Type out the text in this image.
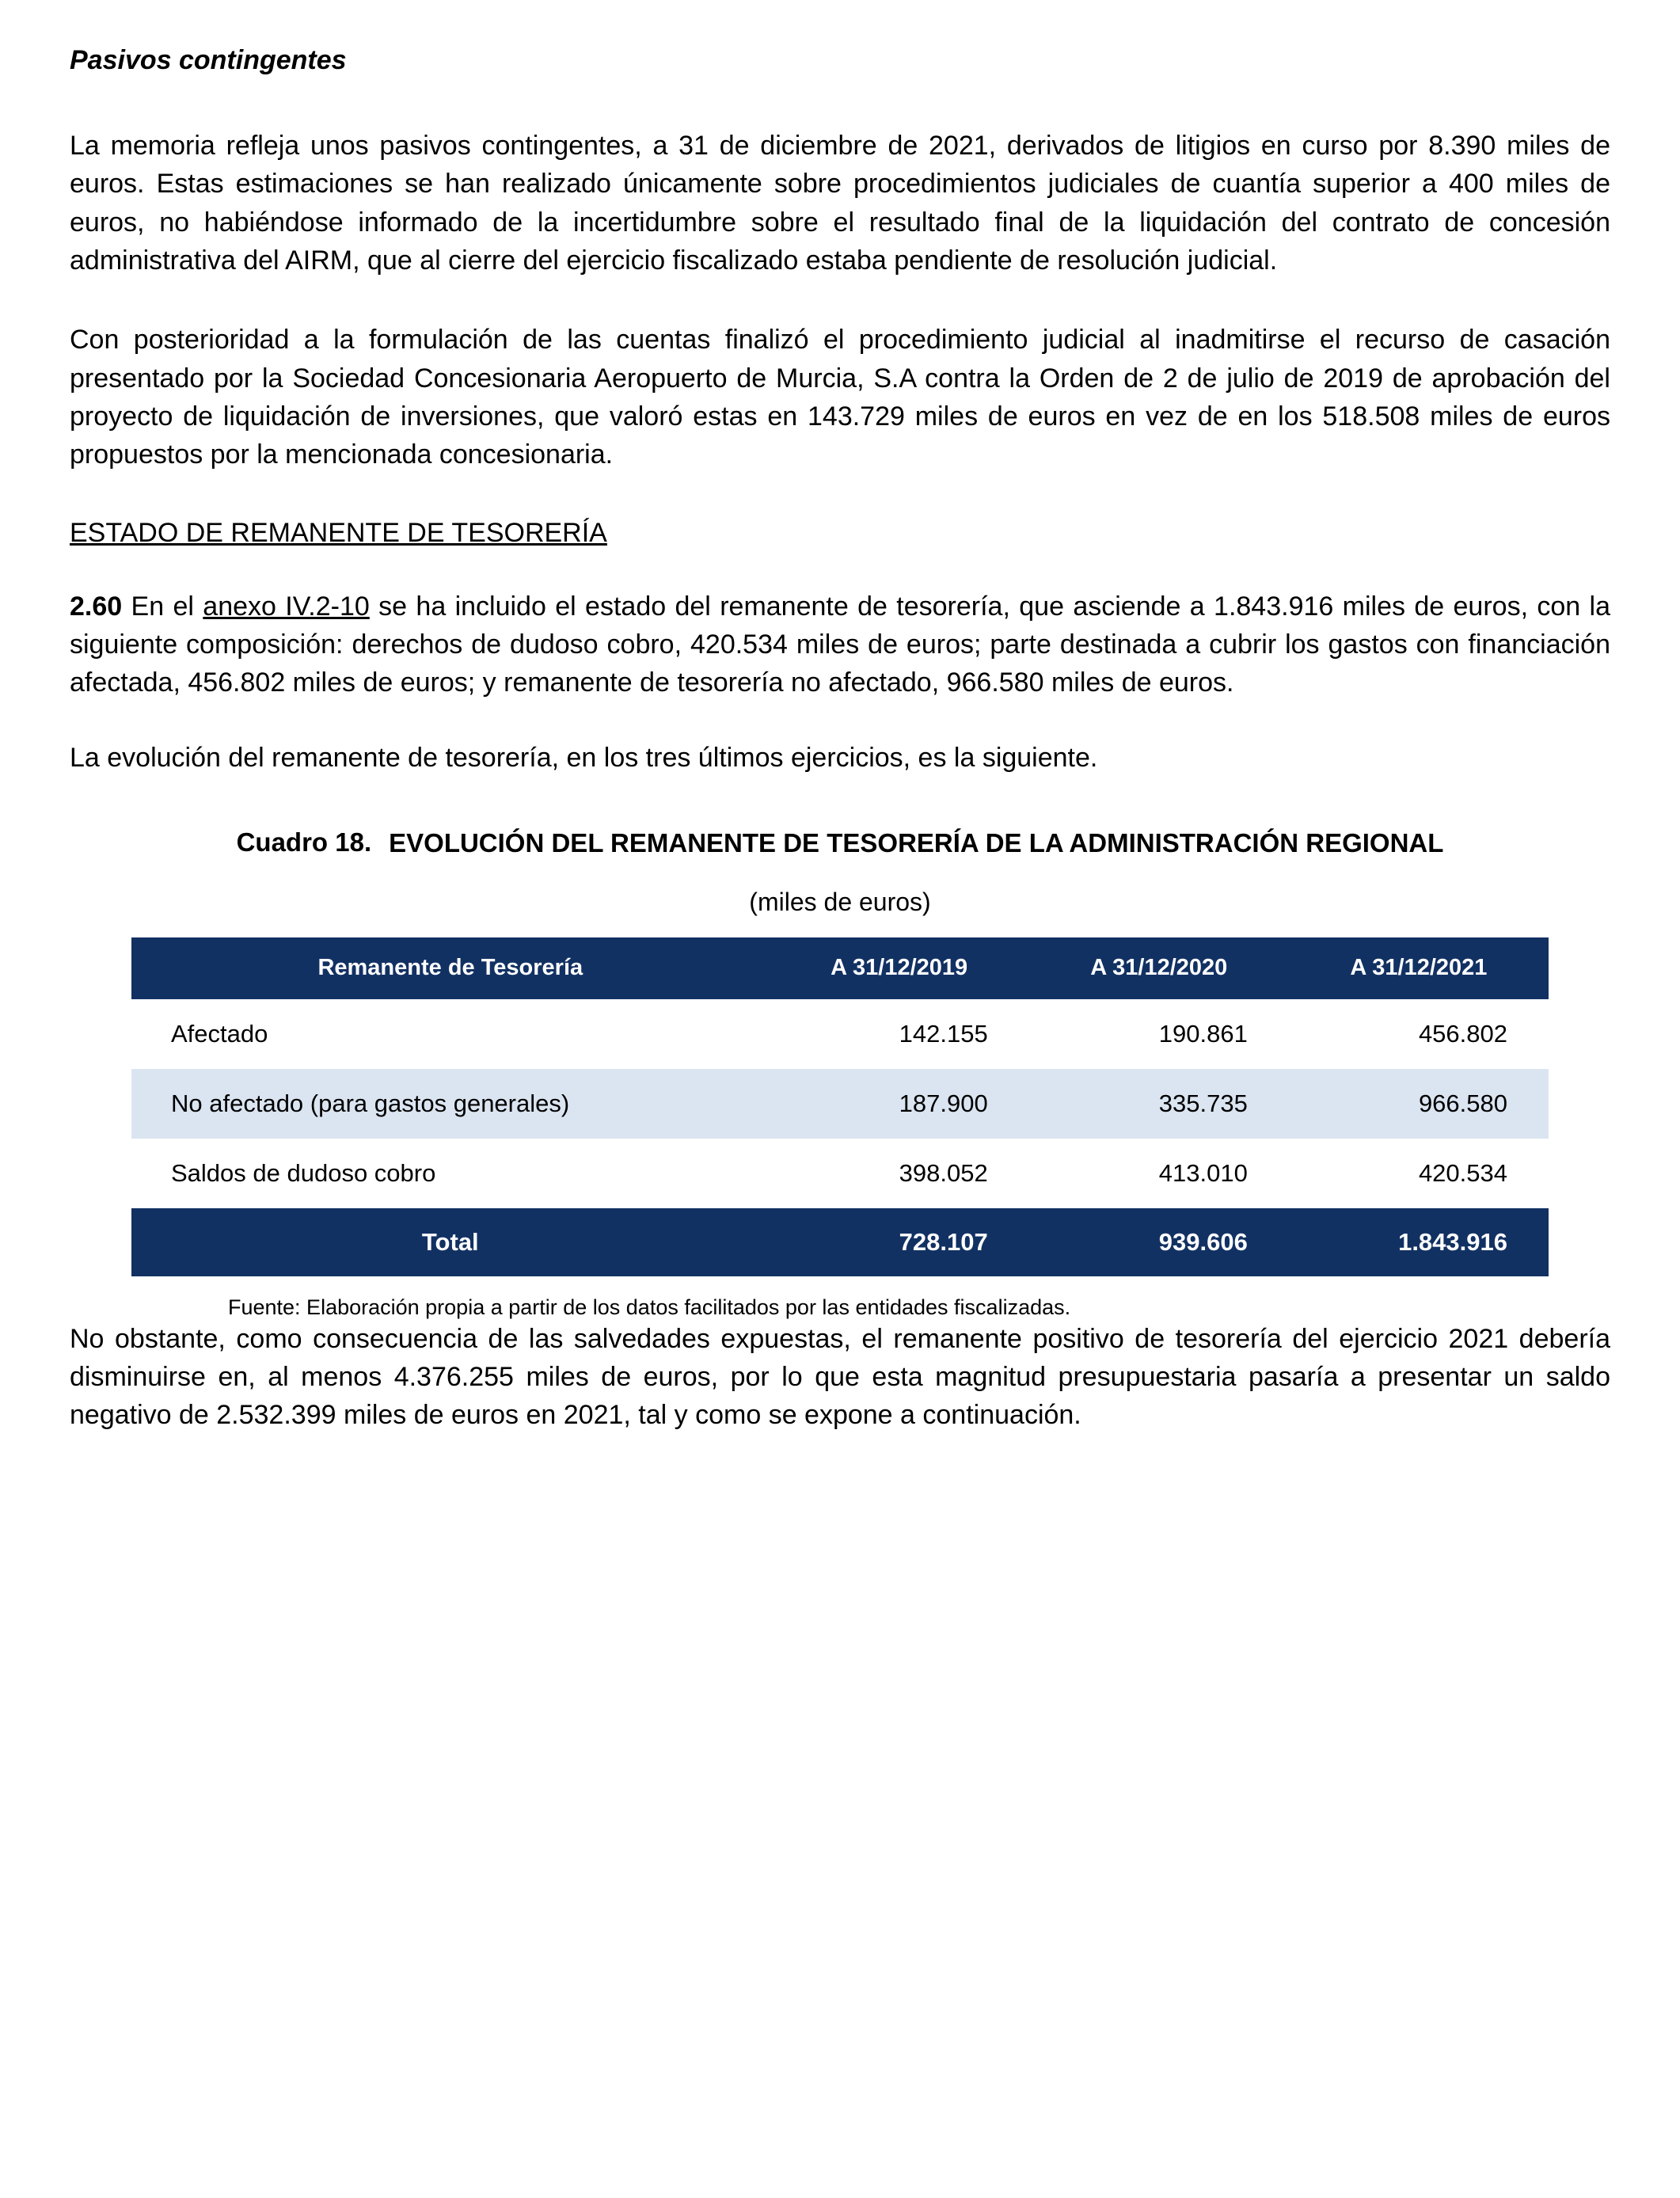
Pasivos contingentes

La memoria refleja unos pasivos contingentes, a 31 de diciembre de 2021, derivados de litigios en curso por 8.390 miles de euros. Estas estimaciones se han realizado únicamente sobre procedimientos judiciales de cuantía superior a 400 miles de euros, no habiéndose informado de la incertidumbre sobre el resultado final de la liquidación del contrato de concesión administrativa del AIRM, que al cierre del ejercicio fiscalizado estaba pendiente de resolución judicial.

Con posterioridad a la formulación de las cuentas finalizó el procedimiento judicial al inadmitirse el recurso de casación presentado por la Sociedad Concesionaria Aeropuerto de Murcia, S.A contra la Orden de 2 de julio de 2019 de aprobación del proyecto de liquidación de inversiones, que valoró estas en 143.729 miles de euros en vez de en los 518.508 miles de euros propuestos por la mencionada concesionaria.

ESTADO DE REMANENTE DE TESORERÍA

2.60 En el anexo IV.2-10 se ha incluido el estado del remanente de tesorería, que asciende a 1.843.916 miles de euros, con la siguiente composición: derechos de dudoso cobro, 420.534 miles de euros; parte destinada a cubrir los gastos con financiación afectada, 456.802 miles de euros; y remanente de tesorería no afectado, 966.580 miles de euros.

La evolución del remanente de tesorería, en los tres últimos ejercicios, es la siguiente.

Cuadro 18. EVOLUCIÓN DEL REMANENTE DE TESORERÍA DE LA ADMINISTRACIÓN REGIONAL
(miles de euros)
Remanente de Tesorería	A 31/12/2019	A 31/12/2020	A 31/12/2021
Afectado	142.155	190.861	456.802
No afectado (para gastos generales)	187.900	335.735	966.580
Saldos de dudoso cobro	398.052	413.010	420.534
Total	728.107	939.606	1.843.916
Fuente: Elaboración propia a partir de los datos facilitados por las entidades fiscalizadas.

No obstante, como consecuencia de las salvedades expuestas, el remanente positivo de tesorería del ejercicio 2021 debería disminuirse en, al menos 4.376.255 miles de euros, por lo que esta magnitud presupuestaria pasaría a presentar un saldo negativo de 2.532.399 miles de euros en 2021, tal y como se expone a continuación.
